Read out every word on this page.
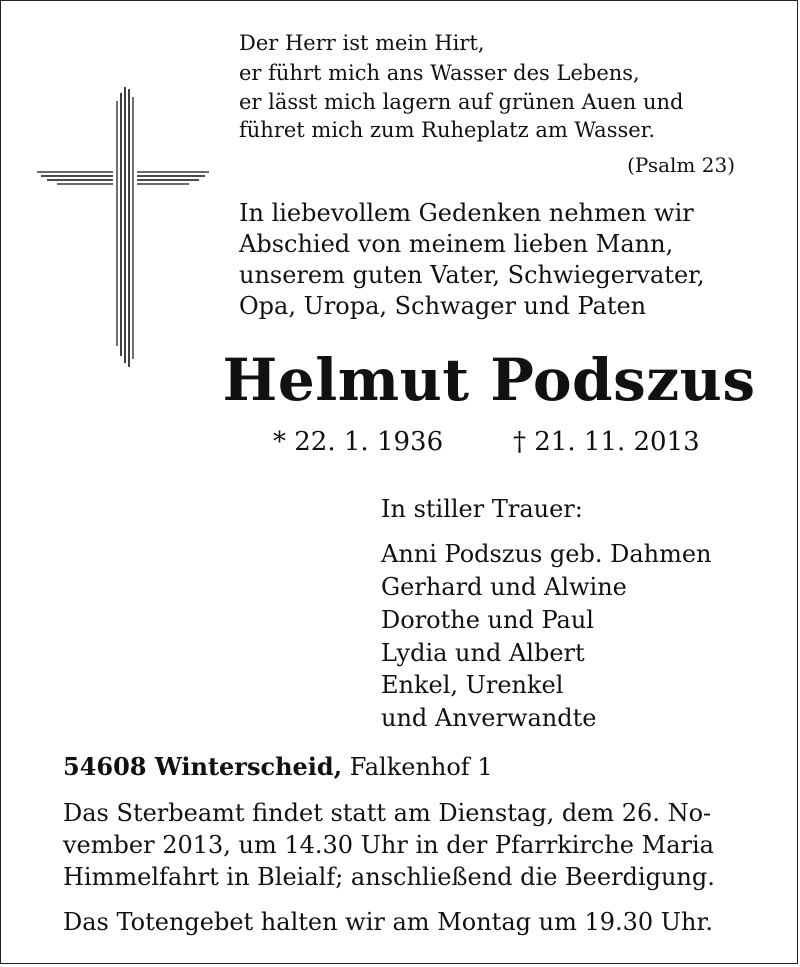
Der Herr ist mein Hirt,
er führt mich ans Wasser des Lebens,
er lässt mich lagern auf grünen Auen und
führet mich zum Ruheplatz am Wasser.
(Psalm 23)
In liebevollem Gedenken nehmen wir
Abschied von meinem lieben Mann,
unserem guten Vater, Schwiegervater,
Opa, Uropa, Schwager und Paten
Helmut Podszus
* 22. 1. 1936	† 21. 11. 2013
In stiller Trauer:
Anni Podszus geb. Dahmen
Gerhard und Alwine
Dorothe und Paul
Lydia und Albert
Enkel, Urenkel
und Anverwandte
54608 Winterscheid, Falkenhof 1
Das Sterbeamt findet statt am Dienstag, dem 26. No-
vember 2013, um 14.30 Uhr in der Pfarrkirche Maria
Himmelfahrt in Bleialf; anschließend die Beerdigung.
Das Totengebet halten wir am Montag um 19.30 Uhr.
